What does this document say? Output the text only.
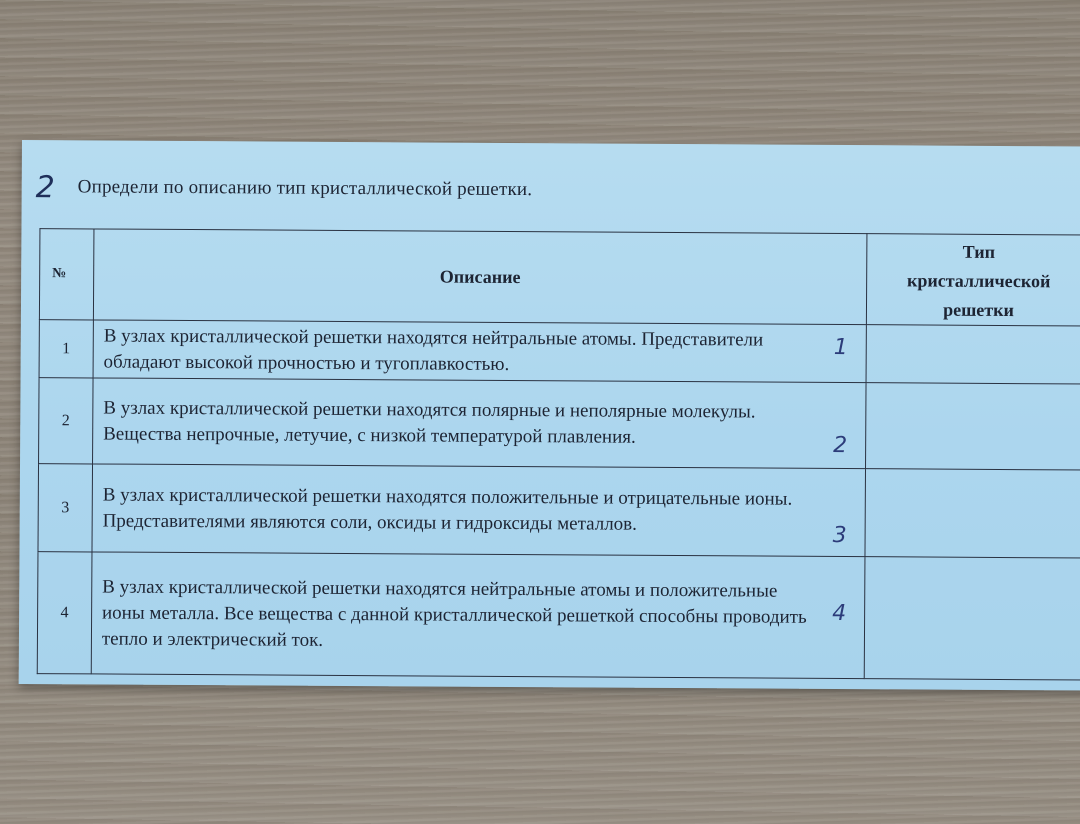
2 Определи по описанию тип кристаллической решетки.
№	Описание	Тип
кристаллической
решетки

1	В узлах кристаллической решетки находятся нейтральные атомы. Представители обладают высокой прочностью и тугоплавкостью.
1	

2	В узлах кристаллической решетки находятся полярные и неполярные молекулы. Вещества непрочные, летучие, с низкой температурой плавления. 2	

3	В узлах кристаллической решетки находятся положительные и отрицательные ионы. Представителями являются соли, оксиды и гидроксиды металлов.
3	

4	В узлах кристаллической решетки находятся нейтральные атомы и положительные ионы металла. Все вещества с данной кристаллической решеткой способны проводить тепло и электрический ток.
4	
